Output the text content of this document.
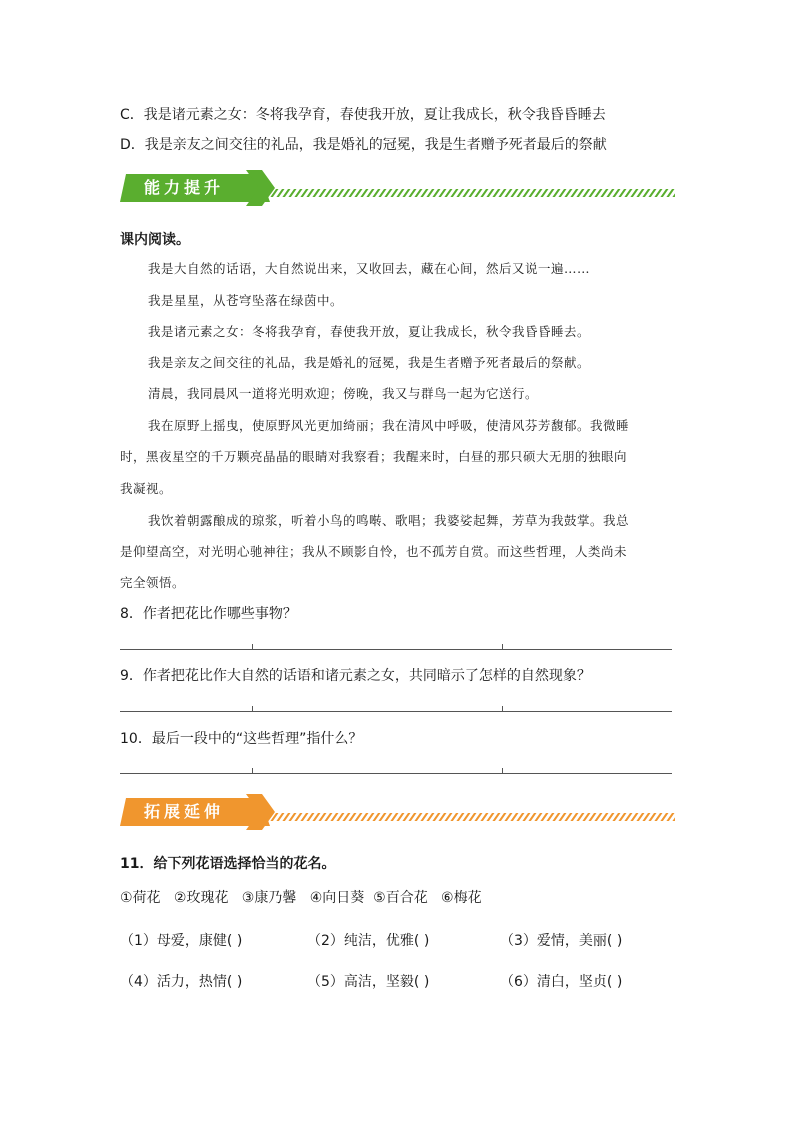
C．我是诸元素之女：冬将我孕育，春使我开放，夏让我成长，秋令我昏昏睡去
D．我是亲友之间交往的礼品，我是婚礼的冠冕，我是生者赠予死者最后的祭献
能力提升
课内阅读。
我是大自然的话语，大自然说出来，又收回去，藏在心间，然后又说一遍……
我是星星，从苍穹坠落在绿茵中。
我是诸元素之女：冬将我孕育，春使我开放，夏让我成长，秋令我昏昏睡去。
我是亲友之间交往的礼品，我是婚礼的冠冕，我是生者赠予死者最后的祭献。
清晨，我同晨风一道将光明欢迎；傍晚，我又与群鸟一起为它送行。
我在原野上摇曳，使原野风光更加绮丽；我在清风中呼吸，使清风芬芳馥郁。我微睡
时，黑夜星空的千万颗亮晶晶的眼睛对我察看；我醒来时，白昼的那只硕大无朋的独眼向
我凝视。
我饮着朝露酿成的琼浆，听着小鸟的鸣啭、歌唱；我婆娑起舞，芳草为我鼓掌。我总
是仰望高空，对光明心驰神往；我从不顾影自怜，也不孤芳自赏。而这些哲理，人类尚未
完全领悟。
8．作者把花比作哪些事物？
9．作者把花比作大自然的话语和诸元素之女，共同暗示了怎样的自然现象？
10．最后一段中的“这些哲理”指什么？
拓展延伸
11．给下列花语选择恰当的花名。
①荷花   ②玫瑰花   ③康乃馨   ④向日葵  ⑤百合花   ⑥梅花
（1）母爱，康健( )	（2）纯洁，优雅( )	（3）爱情，美丽( )
（4）活力，热情( )	（5）高洁，坚毅( )	（6）清白，坚贞( )
